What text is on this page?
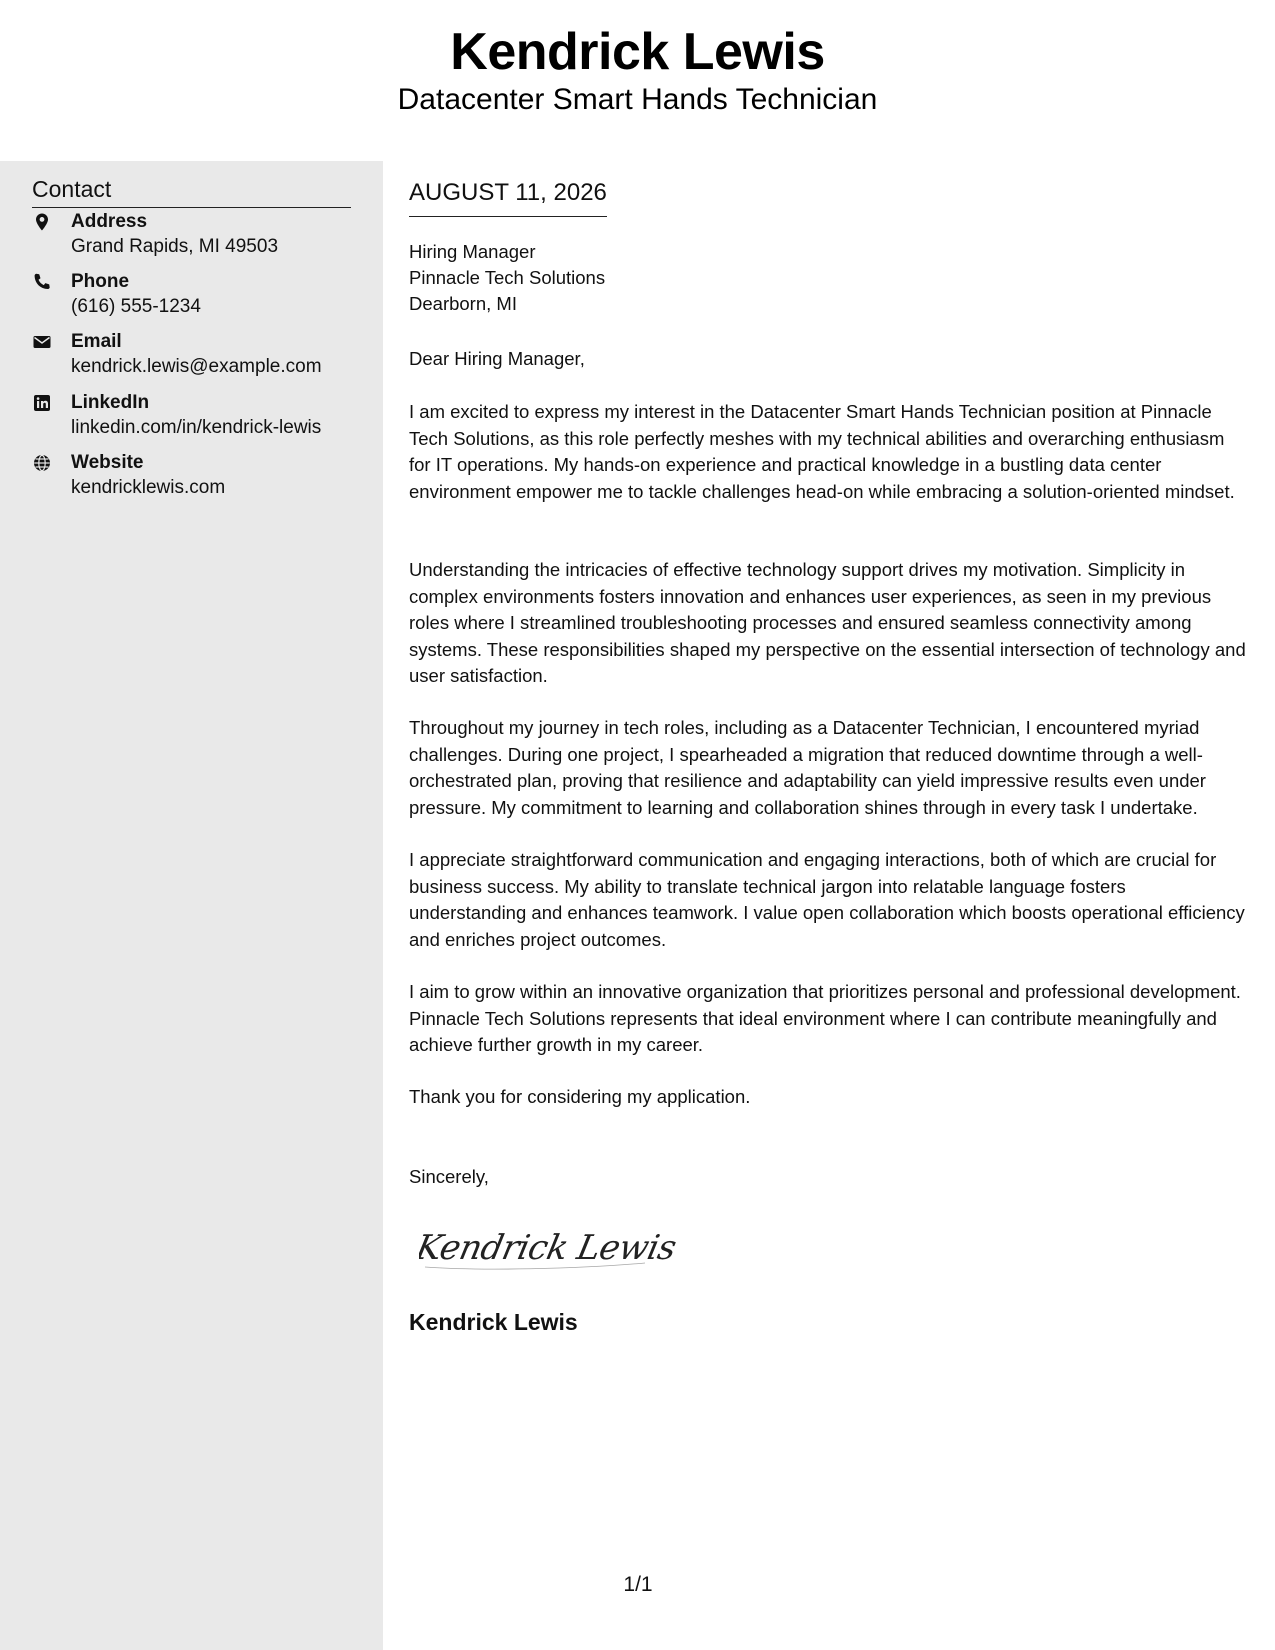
Kendrick Lewis
Datacenter Smart Hands Technician
Contact
Address
Grand Rapids, MI 49503
Phone
(616) 555-1234
Email
kendrick.lewis@example.com
LinkedIn
linkedin.com/in/kendrick-lewis
Website
kendricklewis.com
AUGUST 11, 2026
Hiring Manager
Pinnacle Tech Solutions
Dearborn, MI
Dear Hiring Manager,
I am excited to express my interest in the Datacenter Smart Hands Technician position at Pinnacle Tech Solutions, as this role perfectly meshes with my technical abilities and overarching enthusiasm for IT operations. My hands-on experience and practical knowledge in a bustling data center environment empower me to tackle challenges head-on while embracing a solution-oriented mindset.
Understanding the intricacies of effective technology support drives my motivation. Simplicity in complex environments fosters innovation and enhances user experiences, as seen in my previous roles where I streamlined troubleshooting processes and ensured seamless connectivity among systems. These responsibilities shaped my perspective on the essential intersection of technology and user satisfaction.
Throughout my journey in tech roles, including as a Datacenter Technician, I encountered myriad challenges. During one project, I spearheaded a migration that reduced downtime through a well-orchestrated plan, proving that resilience and adaptability can yield impressive results even under pressure. My commitment to learning and collaboration shines through in every task I undertake.
I appreciate straightforward communication and engaging interactions, both of which are crucial for business success. My ability to translate technical jargon into relatable language fosters understanding and enhances teamwork. I value open collaboration which boosts operational efficiency and enriches project outcomes.
I aim to grow within an innovative organization that prioritizes personal and professional development. Pinnacle Tech Solutions represents that ideal environment where I can contribute meaningfully and achieve further growth in my career.
Thank you for considering my application.
Sincerely,
Kendrick Lewis
Kendrick Lewis
1/1
